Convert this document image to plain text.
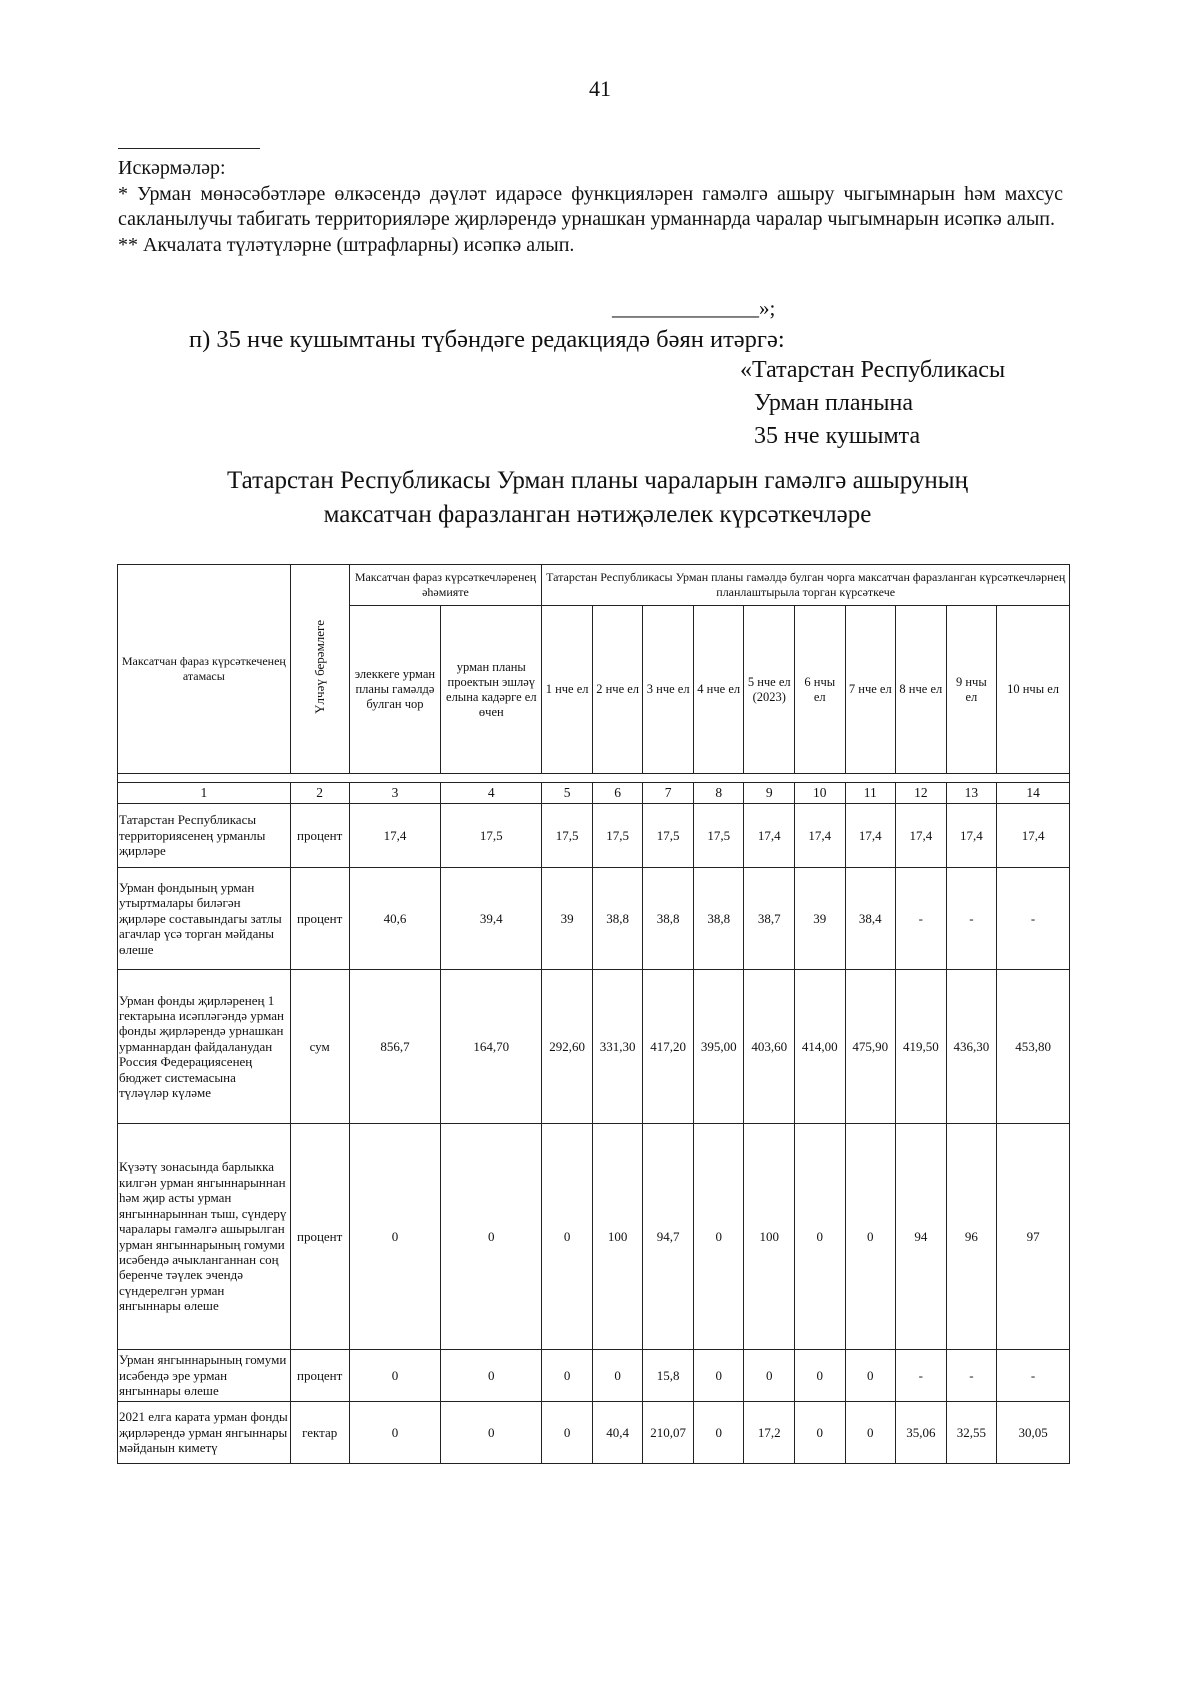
41

Искәрмәләр:

* Урман мөнәсәбәтләре өлкәсендә дәүләт идарәсе функцияләрен гамәлгә ашыру чыгымнарын һәм махсус сакланылучы табигать территорияләре җирләрендә урнашкан урманнарда чаралар чыгымнарын исәпкә алып.

** Акчалата түләтүләрне (штрафларны) исәпкә алып.

______________»;
п) 35 нче кушымтаны түбәндәге редакциядә бәян итәргә:
«Татарстан Республикасы
Урман планына
35 нче кушымта
Татарстан Республикасы Урман планы чараларын гамәлгә ашыруның
максатчан фаразланган нәтиҗәлелек күрсәткечләре
Максатчан фараз күрсәткеченең атамасы	Үлчәү берәмлеге	Максатчан фараз күрсәткечләренең әһәмияте		Татарстан Республикасы Урман планы гамәлдә булган чорга максатчан фаразланган күрсәткечләрнең планлаштырыла торган күрсәткече									
		элеккеге урман планы гамәлдә булган чор	урман планы проектын эшләү елына кадәрге ел өчен	1 нче ел	2 нче ел	3 нче ел	4 нче ел	5 нче ел (2023)	6 нчы ел	7 нче ел	8 нче ел	9 нчы ел	10 нчы ел

1	2	3	4	5	6	7	8	9	10	11	12	13	14
Татарстан Республикасы территориясенең урманлы җирләре	процент	17,4	17,5	17,5	17,5	17,5	17,5	17,4	17,4	17,4	17,4	17,4	17,4
Урман фондының урман утыртмалары биләгән җирләре составындагы затлы агачлар үсә торган мәйданы өлеше	процент	40,6	39,4	39	38,8	38,8	38,8	38,7	39	38,4	-	-	-
Урман фонды җирләренең 1 гектарына исәпләгәндә урман фонды җирләрендә урнашкан урманнардан файдаланудан Россия Федерациясенең бюджет системасына түләүләр күләме	сум	856,7	164,70	292,60	331,30	417,20	395,00	403,60	414,00	475,90	419,50	436,30	453,80
Күзәтү зонасында барлыкка килгән урман янгыннарыннан һәм җир асты урман янгыннарыннан тыш, сүндерү чаралары гамәлгә ашырылган урман янгыннарының гомуми исәбендә ачыкланганнан соң беренче тәүлек эчендә сүндерелгән урман янгыннары өлеше	процент	0	0	0	100	94,7	0	100	0	0	94	96	97
Урман янгыннарының гомуми исәбендә эре урман янгыннары өлеше	процент	0	0	0	0	15,8	0	0	0	0	-	-	-
2021 елга карата урман фонды җирләрендә урман янгыннары мәйданын киметү	гектар	0	0	0	40,4	210,07	0	17,2	0	0	35,06	32,55	30,05
